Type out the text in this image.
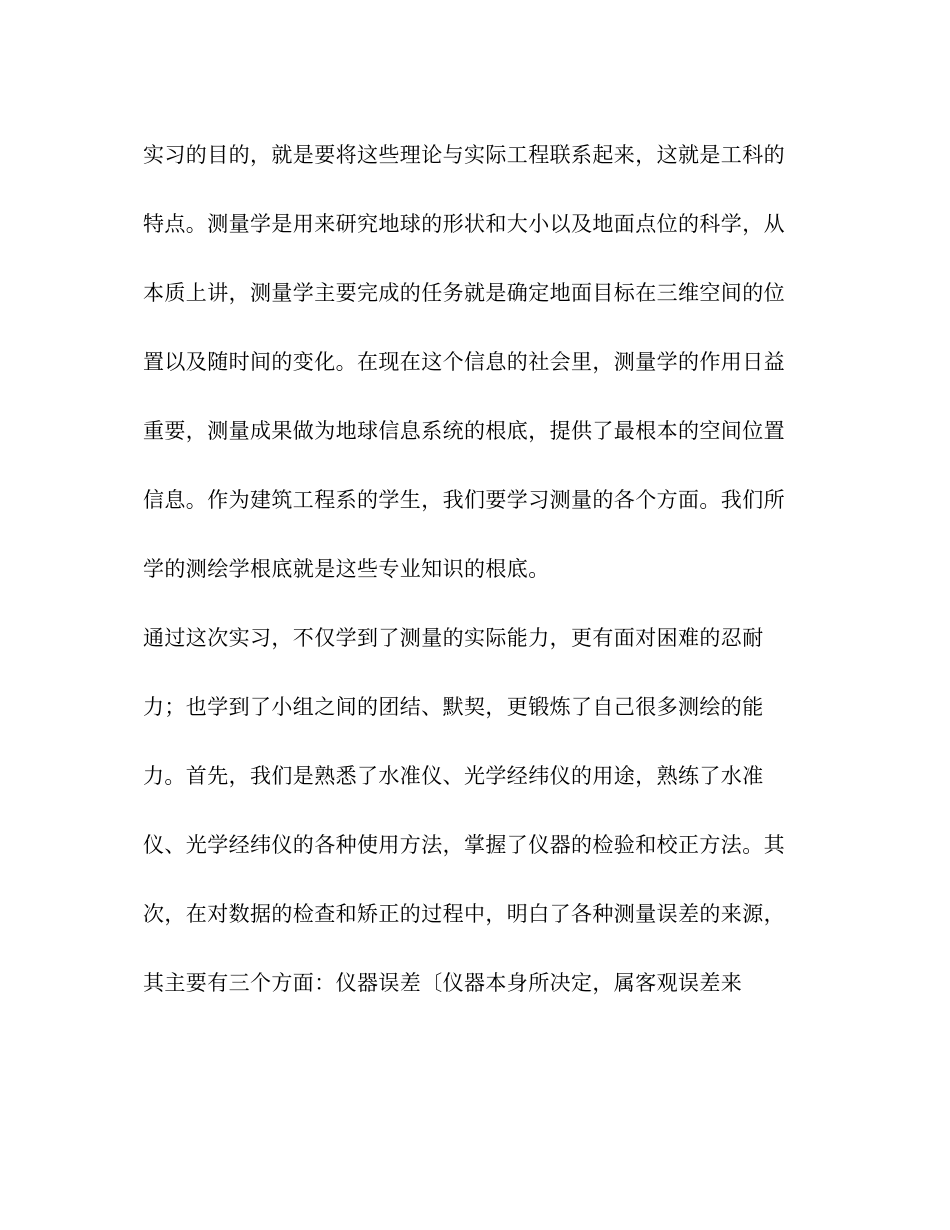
实习的目的，就是要将这些理论与实际工程联系起来，这就是工科的
特点。测量学是用来研究地球的形状和大小以及地面点位的科学，从
本质上讲，测量学主要完成的任务就是确定地面目标在三维空间的位
置以及随时间的变化。在现在这个信息的社会里，测量学的作用日益
重要，测量成果做为地球信息系统的根底，提供了最根本的空间位置
信息。作为建筑工程系的学生，我们要学习测量的各个方面。我们所
学的测绘学根底就是这些专业知识的根底。
通过这次实习，不仅学到了测量的实际能力，更有面对困难的忍耐
力；也学到了小组之间的团结、默契，更锻炼了自己很多测绘的能
力。首先，我们是熟悉了水准仪、光学经纬仪的用途，熟练了水准
仪、光学经纬仪的各种使用方法，掌握了仪器的检验和校正方法。其
次，在对数据的检查和矫正的过程中，明白了各种测量误差的来源，
其主要有三个方面：仪器误差〔仪器本身所决定，属客观误差来
